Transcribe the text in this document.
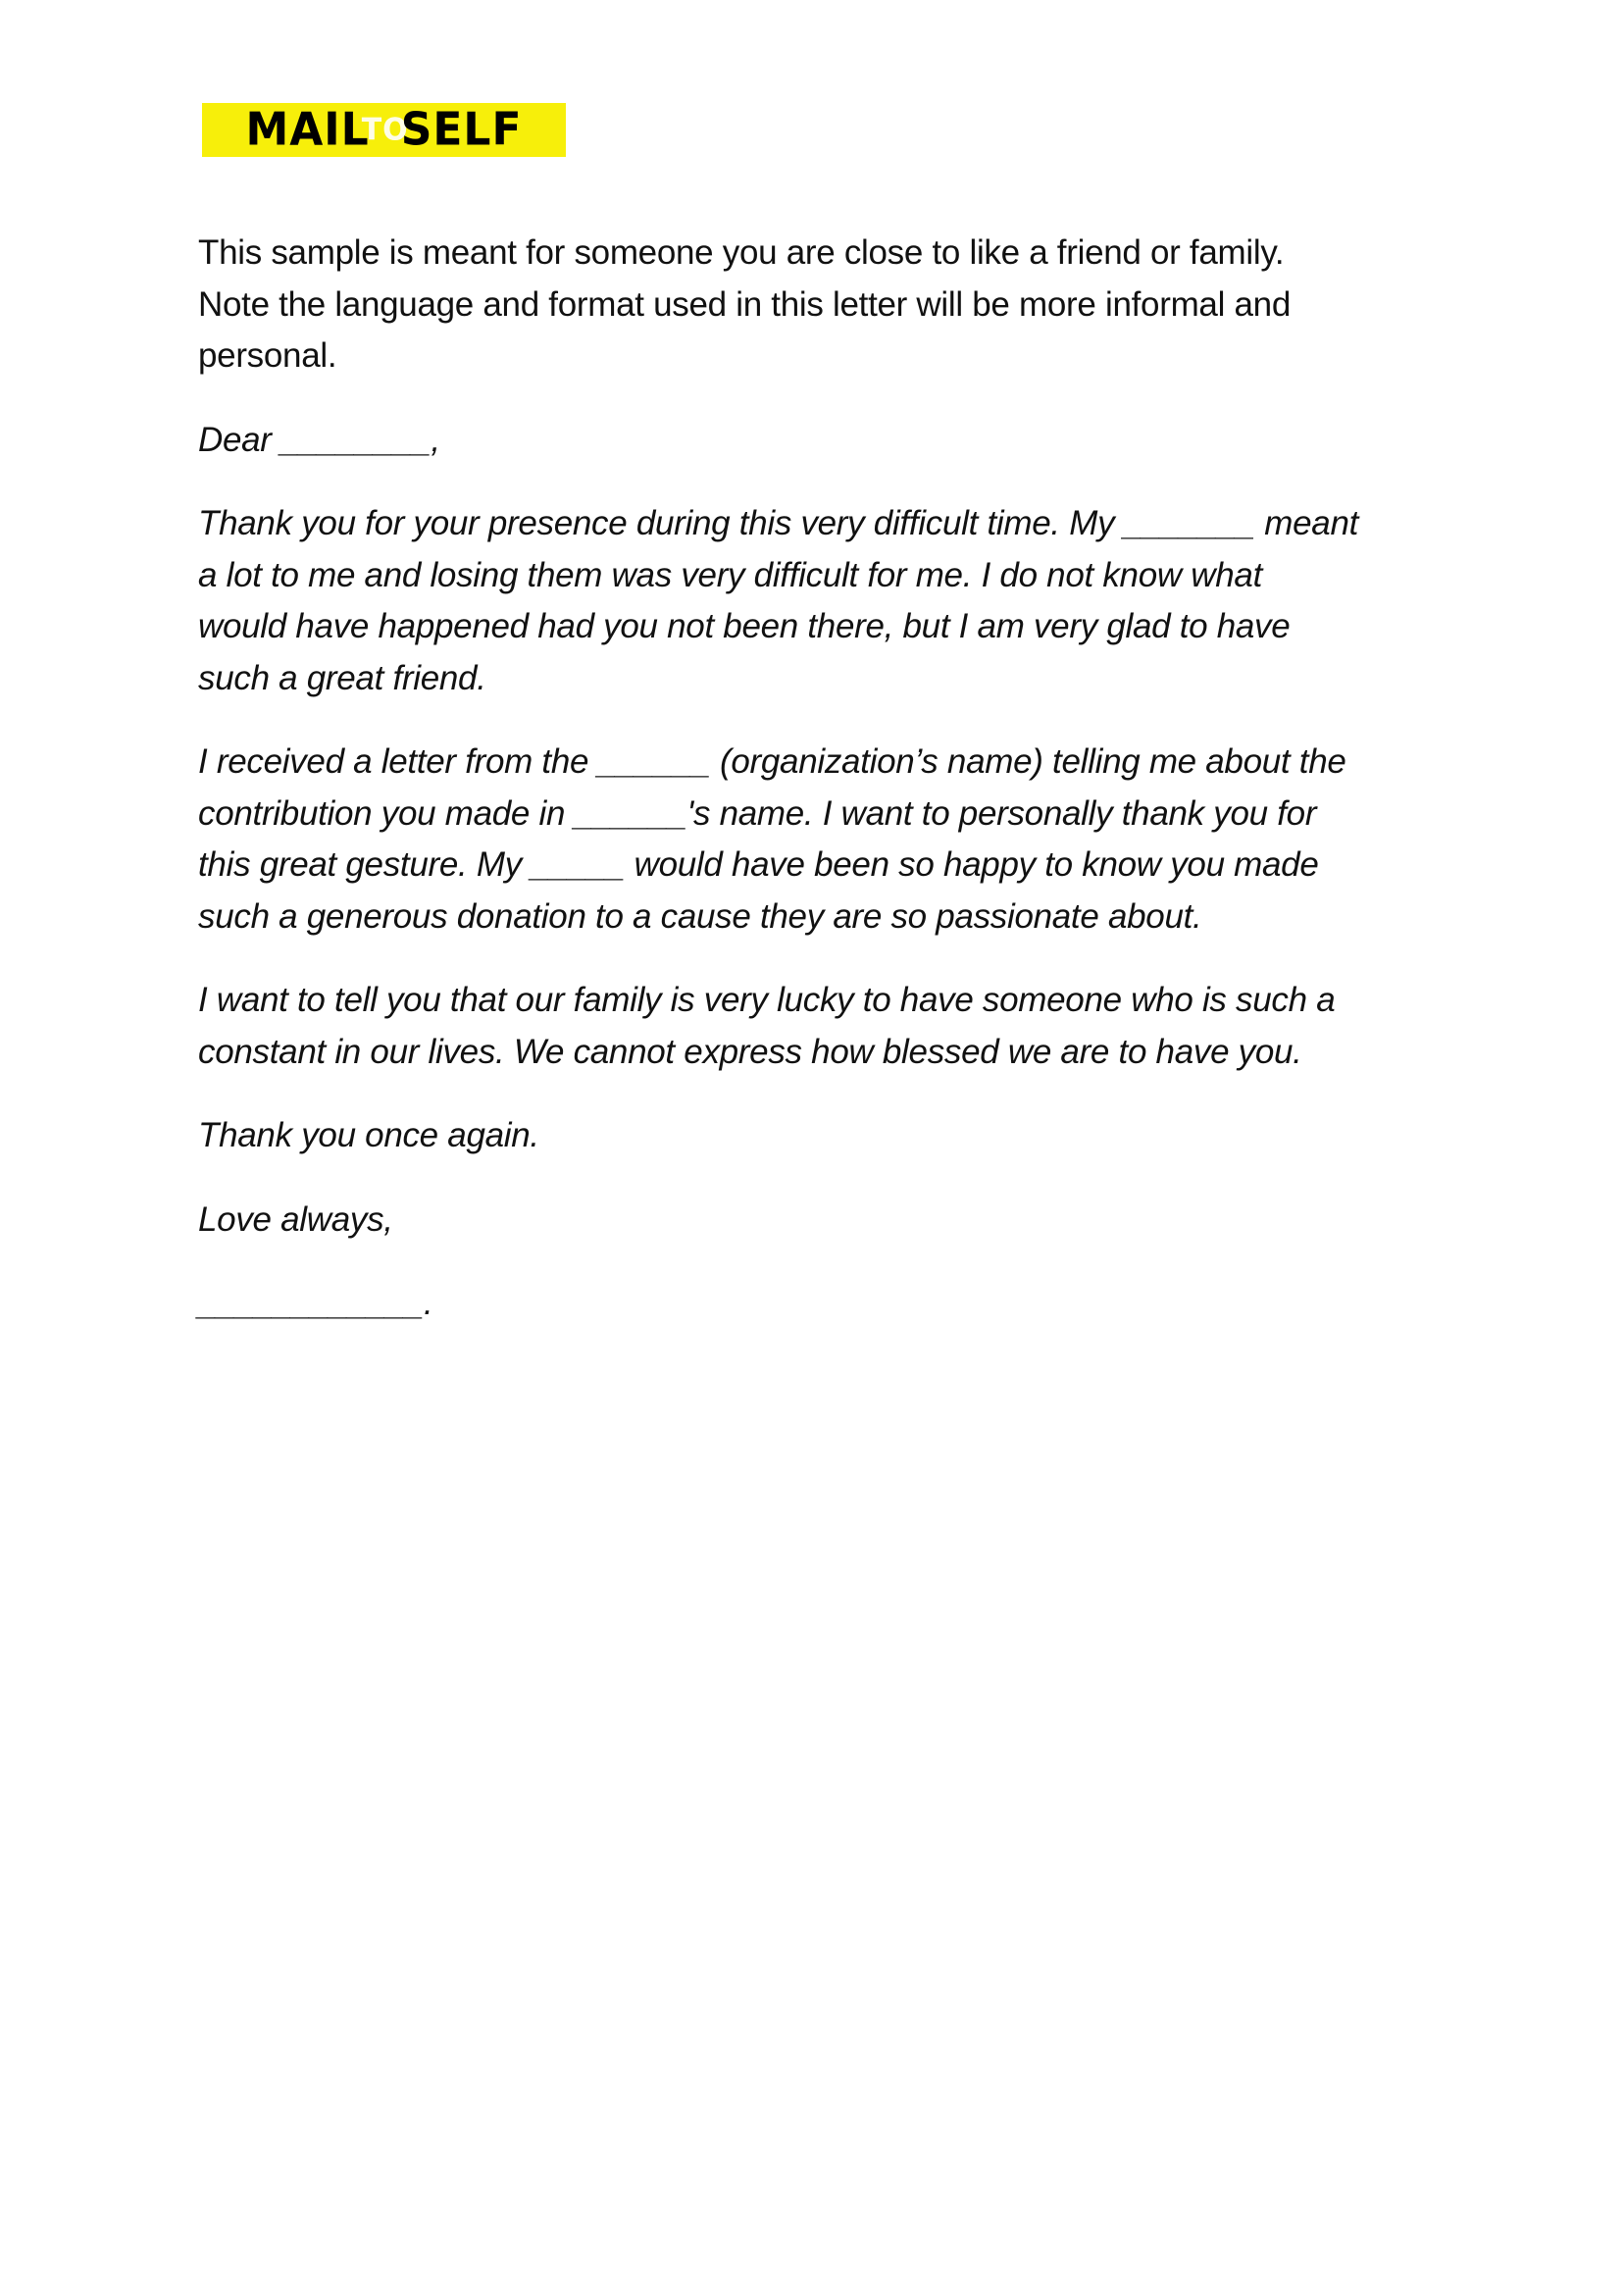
MAIL
TO
SELF
This sample is meant for someone you are close to like a friend or family.
Note the language and format used in this letter will be more informal and
personal.
Dear ________,
Thank you for your presence during this very difficult time. My _______ meant
a lot to me and losing them was very difficult for me. I do not know what
would have happened had you not been there, but I am very glad to have
such a great friend.
I received a letter from the ______ (organization’s name) telling me about the
contribution you made in ______'s name. I want to personally thank you for
this great gesture. My _____ would have been so happy to know you made
such a generous donation to a cause they are so passionate about.
I want to tell you that our family is very lucky to have someone who is such a
constant in our lives. We cannot express how blessed we are to have you.
Thank you once again.
Love always,
____________.
